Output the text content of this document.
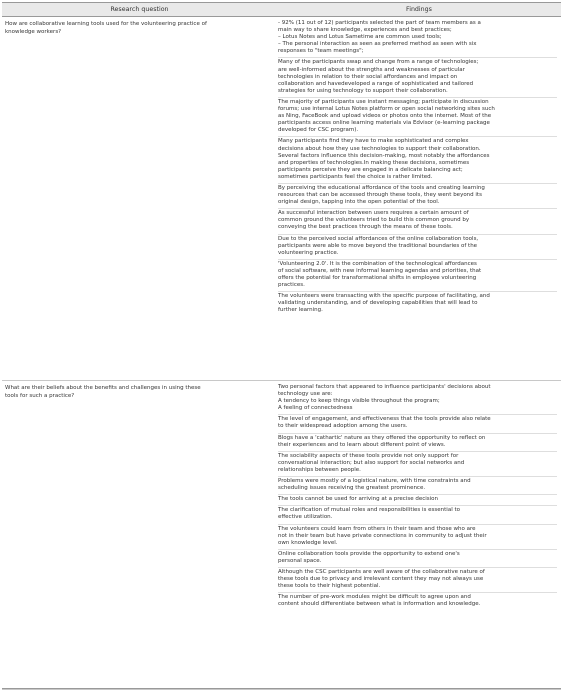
Research question	Findings
How are collaborative learning tools used for the volunteering practice of
knowledge workers?
- 92% (11 out of 12) participants selected the part of team members as a
main way to share knowledge, experiences and best practices;
– Lotus Notes and Lotus Sametime are common used tools;
– The personal interaction as seen as preferred method as seen with six
responses to "team meetings";
Many of the participants swap and change from a range of technologies;
are well-informed about the strengths and weaknesses of particular
technologies in relation to their social affordances and impact on
collaboration and havedeveloped a range of sophisticated and tailored
strategies for using technology to support their collaboration.
The majority of participants use instant messaging; participate in discussion
forums; use internal Lotus Notes platform or open social networking sites such
as Ning, FaceBook and upload videos or photos onto the internet. Most of the
participants access online learning materials via Edvisor (e-learning package
developed for CSC program).
Many participants find they have to make sophisticated and complex
decisions about how they use technologies to support their collaboration.
Several factors influence this decision-making, most notably the affordances
and properties of technologies.In making these decisions, sometimes
participants perceive they are engaged in a delicate balancing act;
sometimes participants feel the choice is rather limited.
By perceiving the educational affordance of the tools and creating learning
resources that can be accessed through these tools, they went beyond its
original design, tapping into the open potential of the tool.
As successful interaction between users requires a certain amount of
common ground the volunteers tried to build this common ground by
conveying the best practices through the means of these tools.
Due to the perceived social affordances of the online collaboration tools,
participants were able to move beyond the traditional boundaries of the
volunteering practice.
'Volunteering 2.0'. It is the combination of the technological affordances
of social software, with new informal learning agendas and priorities, that
offers the potential for transformational shifts in employee volunteering
practices.
The volunteers were transacting with the specific purpose of facilitating, and
validating understanding, and of developing capabilities that will lead to
further learning.
What are their beliefs about the benefits and challenges in using these
tools for such a practice?
Two personal factors that appeared to influence participants' decisions about
technology use are:
A tendency to keep things visible throughout the program;
A feeling of connectedness
The level of engagement, and effectiveness that the tools provide also relate
to their widespread adoption among the users.
Blogs have a 'cathartic' nature as they offered the opportunity to reflect on
their experiences and to learn about different point of views.
The sociability aspects of these tools provide not only support for
conversational interaction; but also support for social networks and
relationships between people.
Problems were mostly of a logistical nature, with time constraints and
scheduling issues receiving the greatest prominence.
The tools cannot be used for arriving at a precise decision
The clarification of mutual roles and responsibilities is essential to
effective utilization.
The volunteers could learn from others in their team and those who are
not in their team but have private connections in community to adjust their
own knowledge level.
Online collaboration tools provide the opportunity to extend one's
personal space.
Although the CSC participants are well aware of the collaborative nature of
these tools due to privacy and irrelevant content they may not always use
these tools to their highest potential.
The number of pre-work modules might be difficult to agree upon and
content should differentiate between what is information and knowledge.
